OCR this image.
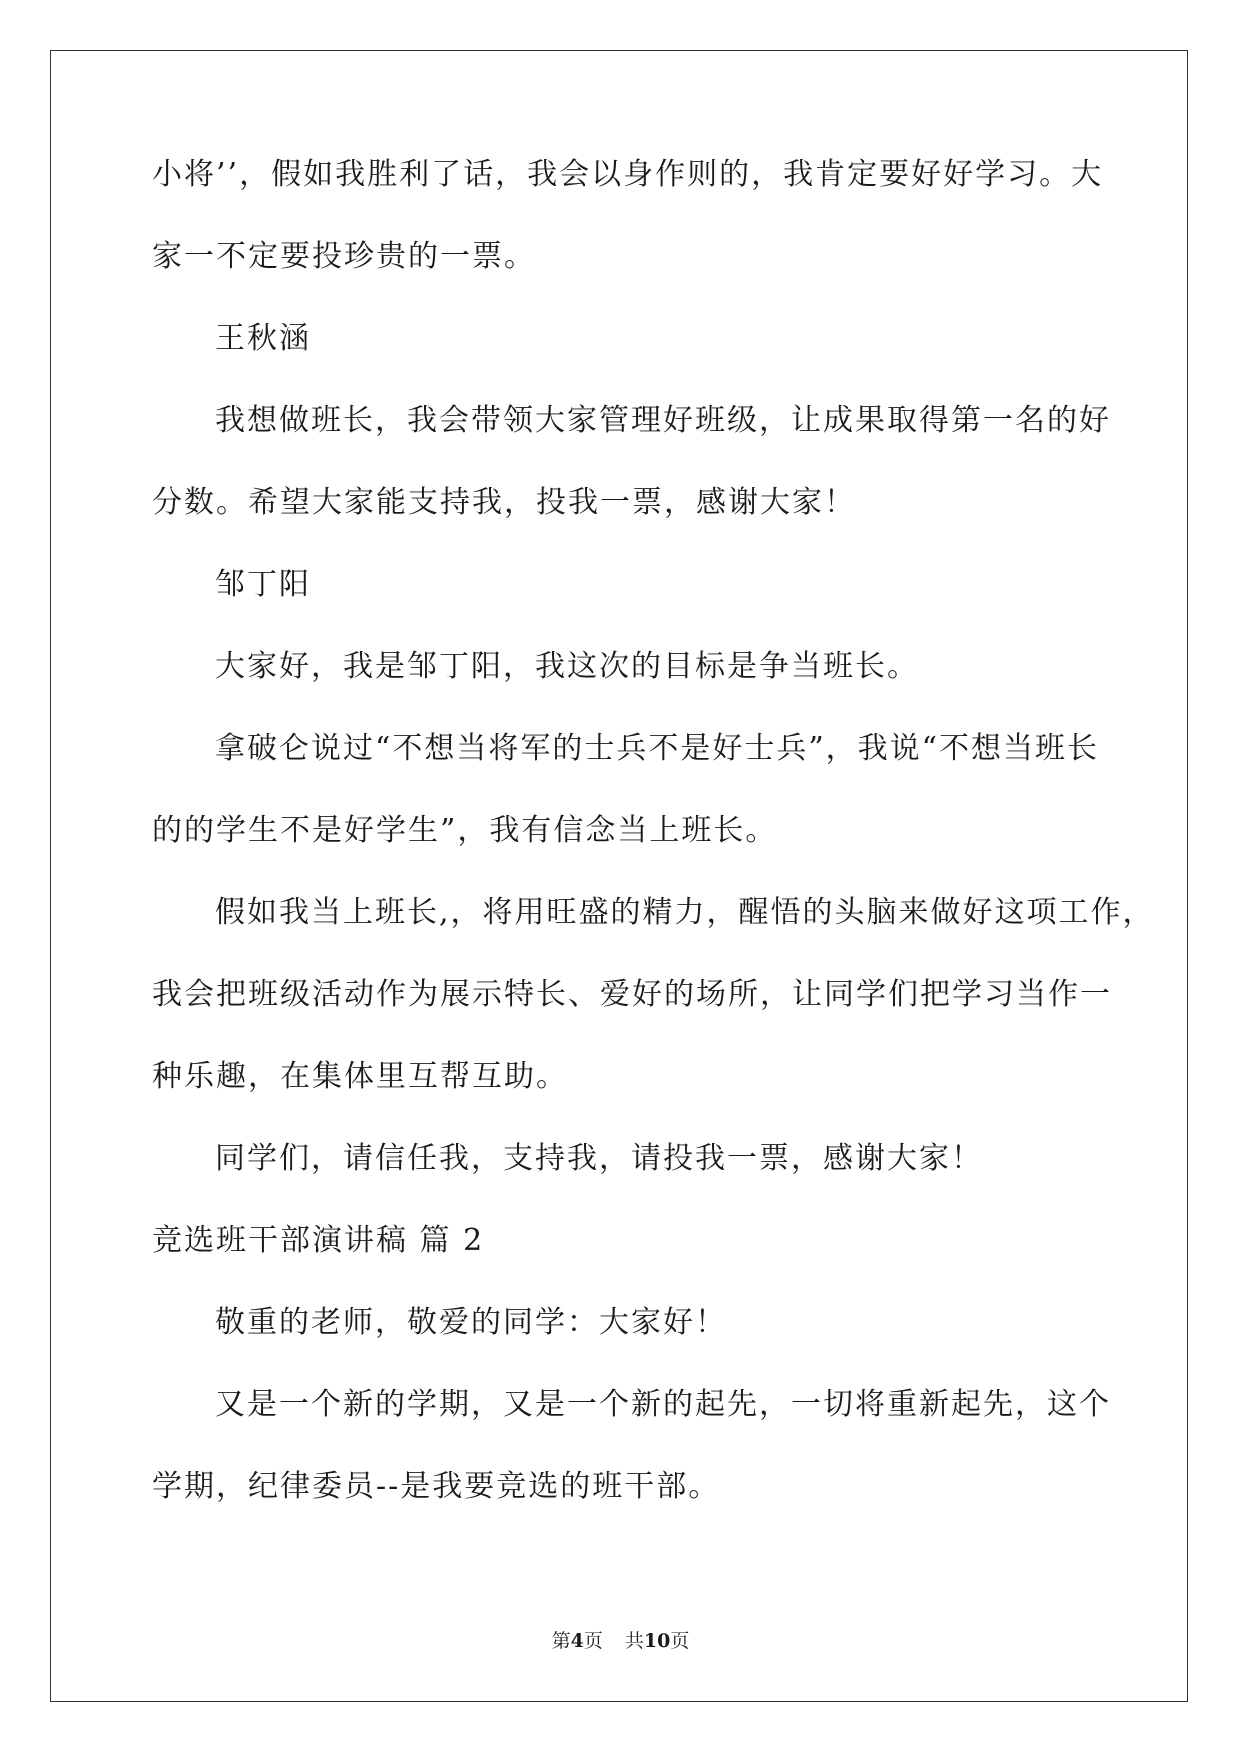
小将’’，假如我胜利了话，我会以身作则的，我肯定要好好学习。大
家一不定要投珍贵的一票。
王秋涵
我想做班长，我会带领大家管理好班级，让成果取得第一名的好
分数。希望大家能支持我，投我一票，感谢大家！
邹丁阳
大家好，我是邹丁阳，我这次的目标是争当班长。
拿破仑说过“不想当将军的士兵不是好士兵”，我说“不想当班长
的的学生不是好学生”，我有信念当上班长。
假如我当上班长,，将用旺盛的精力，醒悟的头脑来做好这项工作，
我会把班级活动作为展示特长、爱好的场所，让同学们把学习当作一
种乐趣，在集体里互帮互助。
同学们，请信任我，支持我，请投我一票，感谢大家！
竞选班干部演讲稿 篇 2
敬重的老师，敬爱的同学：大家好！
又是一个新的学期，又是一个新的起先，一切将重新起先，这个
学期，纪律委员--是我要竞选的班干部。
第4页 共10页
